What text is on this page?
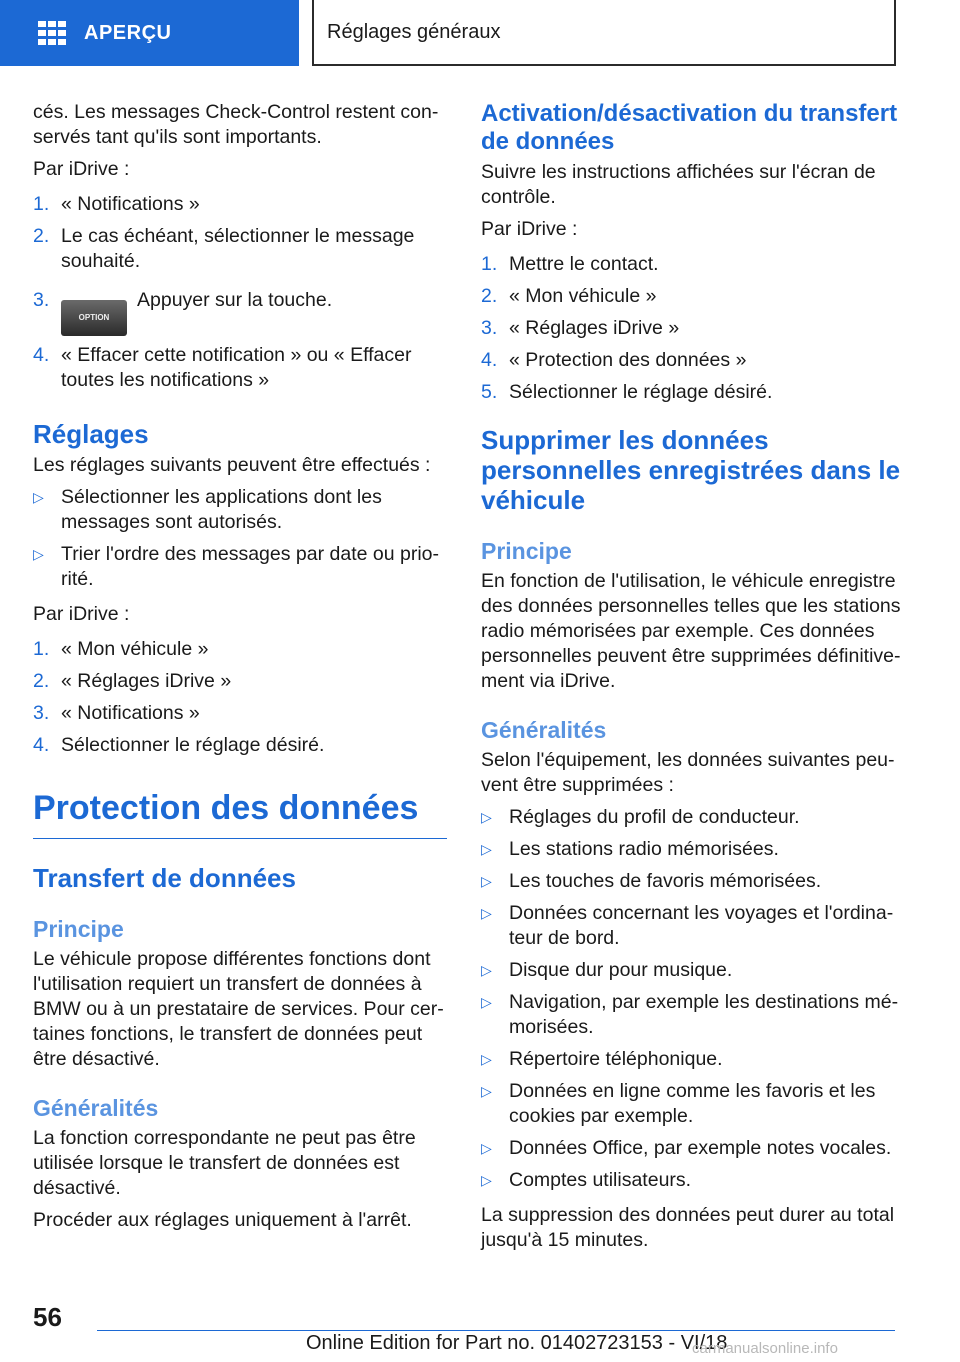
APERÇU	Réglages généraux

cés. Les messages Check-Control restent conservés tant qu'ils sont importants.

Par iDrive :

1. « Notifications »
2. Le cas échéant, sélectionner le message souhaité.
3.
OPTIONAppuyer sur la touche.
4. « Effacer cette notification » ou « Effacer toutes les notifications »
Réglages

Les réglages suivants peuvent être effectués :

▷ Sélectionner les applications dont les messages sont autorisés.
▷ Trier l'ordre des messages par date ou priorité.

Par iDrive :

1. « Mon véhicule »
2. « Réglages iDrive »
3. « Notifications »
4. Sélectionner le réglage désiré.
Protection des données
Transfert de données
Principe

Le véhicule propose différentes fonctions dont l'utilisation requiert un transfert de données à BMW ou à un prestataire de services. Pour certaines fonctions, le transfert de données peut être désactivé.

Généralités

La fonction correspondante ne peut pas être utilisée lorsque le transfert de données est désactivé.

Procéder aux réglages uniquement à l'arrêt.

Activation/désactivation du transfert de données

Suivre les instructions affichées sur l'écran de contrôle.

Par iDrive :

1. Mettre le contact.
2. « Mon véhicule »
3. « Réglages iDrive »
4. « Protection des données »
5. Sélectionner le réglage désiré.
Supprimer les données personnelles enregistrées dans le véhicule
Principe

En fonction de l'utilisation, le véhicule enregistre des données personnelles telles que les stations radio mémorisées par exemple. Ces données personnelles peuvent être supprimées définitivement via iDrive.

Généralités

Selon l'équipement, les données suivantes peuvent être supprimées :

▷ Réglages du profil de conducteur.
▷ Les stations radio mémorisées.
▷ Les touches de favoris mémorisées.
▷ Données concernant les voyages et l'ordinateur de bord.
▷ Disque dur pour musique.
▷ Navigation, par exemple les destinations mémorisées.
▷ Répertoire téléphonique.
▷ Données en ligne comme les favoris et les cookies par exemple.
▷ Données Office, par exemple notes vocales.
▷ Comptes utilisateurs.

La suppression des données peut durer au total jusqu'à 15 minutes.

56
Online Edition for Part no. 01402723153 - VI/18
carmanualsonline.info
